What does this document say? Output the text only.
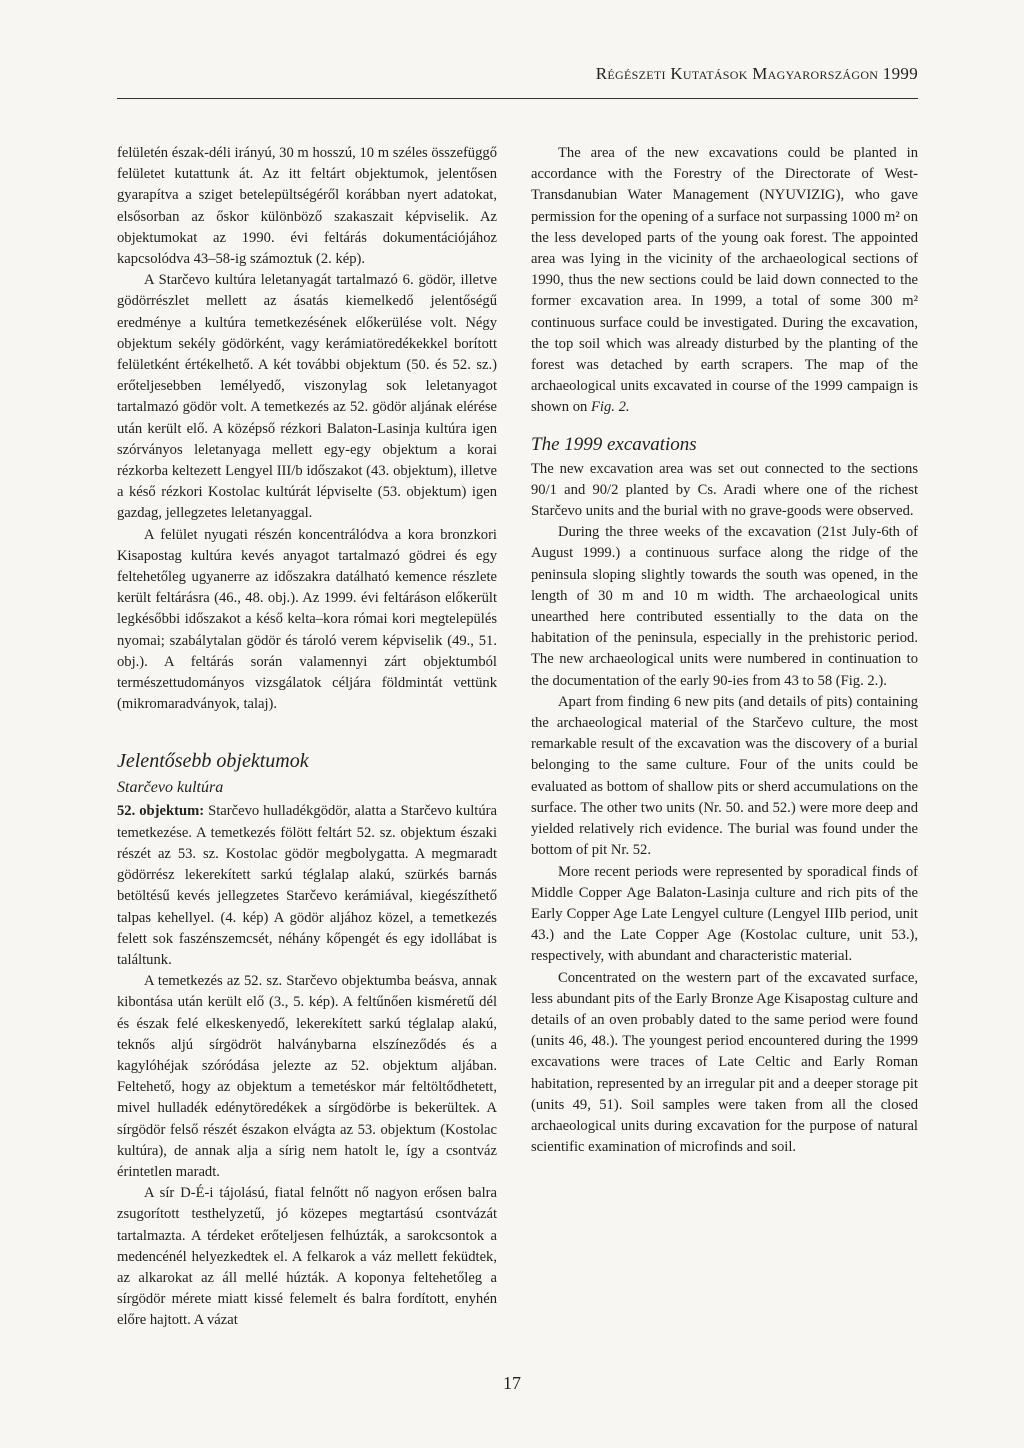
Régészeti Kutatások Magyarországon 1999

felületén észak-déli irányú, 30 m hosszú, 10 m széles összefüggő felületet kutattunk át. Az itt feltárt objektumok, jelentősen gyarapítva a sziget betelepültségéről korábban nyert adatokat, elsősorban az őskor különböző szakaszait képviselik. Az objektumokat az 1990. évi feltárás dokumentációjához kapcsolódva 43–58-ig számoztuk (2. kép).

A Starčevo kultúra leletanyagát tartalmazó 6. gödör, illetve gödörrészlet mellett az ásatás kiemelkedő jelentőségű eredménye a kultúra temetkezésének előkerülése volt. Négy objektum sekély gödörként, vagy kerámiatöredékekkel borított felületként értékelhető. A két további objektum (50. és 52. sz.) erőteljesebben lemélyedő, viszonylag sok leletanyagot tartalmazó gödör volt. A temetkezés az 52. gödör aljának elérése után került elő. A középső rézkori Balaton-Lasinja kultúra igen szórványos leletanyaga mellett egy-egy objektum a korai rézkorba keltezett Lengyel III/b időszakot (43. objektum), illetve a késő rézkori Kostolac kultúrát lépviselte (53. objektum) igen gazdag, jellegzetes leletanyaggal.

A felület nyugati részén koncentrálódva a kora bronzkori Kisapostag kultúra kevés anyagot tartalmazó gödrei és egy feltehetőleg ugyanerre az időszakra datálható kemence részlete került feltárásra (46., 48. obj.). Az 1999. évi feltáráson előkerült legkésőbbi időszakot a késő kelta–kora római kori megtelepülés nyomai; szabálytalan gödör és tároló verem képviselik (49., 51. obj.). A feltárás során valamennyi zárt objektumból természettudományos vizsgálatok céljára földmintát vettünk (mikromaradványok, talaj).

Jelentősebb objektumok
Starčevo kultúra

52. objektum: Starčevo hulladékgödör, alatta a Starčevo kultúra temetkezése. A temetkezés fölött feltárt 52. sz. objektum északi részét az 53. sz. Kostolac gödör megbolygatta. A megmaradt gödörrész lekerekített sarkú téglalap alakú, szürkés barnás betöltésű kevés jellegzetes Starčevo kerámiával, kiegészíthető talpas kehellyel. (4. kép) A gödör aljához közel, a temetkezés felett sok faszénszemcsét, néhány kőpengét és egy idollábat is találtunk.

A temetkezés az 52. sz. Starčevo objektumba beásva, annak kibontása után került elő (3., 5. kép). A feltűnően kisméretű dél és észak felé elkeskenyedő, lekerekített sarkú téglalap alakú, teknős aljú sírgödröt halványbarna elszíneződés és a kagylóhéjak szóródása jelezte az 52. objektum aljában. Feltehető, hogy az objektum a temetéskor már feltöltődhetett, mivel hulladék edénytöredékek a sírgödörbe is bekerültek. A sírgödör felső részét északon elvágta az 53. objektum (Kostolac kultúra), de annak alja a sírig nem hatolt le, így a csontváz érintetlen maradt.

A sír D-É-i tájolású, fiatal felnőtt nő nagyon erősen balra zsugorított testhelyzetű, jó közepes megtartású csontvázát tartalmazta. A térdeket erőteljesen felhúzták, a sarokcsontok a medencénél helyezkedtek el. A felkarok a váz mellett feküdtek, az alkarokat az áll mellé húzták. A koponya feltehetőleg a sírgödör mérete miatt kissé felemelt és balra fordított, enyhén előre hajtott. A vázat

The area of the new excavations could be planted in accordance with the Forestry of the Directorate of West-Transdanubian Water Management (NYUVIZIG), who gave permission for the opening of a surface not surpassing 1000 m² on the less developed parts of the young oak forest. The appointed area was lying in the vicinity of the archaeological sections of 1990, thus the new sections could be laid down connected to the former excavation area. In 1999, a total of some 300 m² continuous surface could be investigated. During the excavation, the top soil which was already disturbed by the planting of the forest was detached by earth scrapers. The map of the archaeological units excavated in course of the 1999 campaign is shown on Fig. 2.

The 1999 excavations

The new excavation area was set out connected to the sections 90/1 and 90/2 planted by Cs. Aradi where one of the richest Starčevo units and the burial with no grave-goods were observed.

During the three weeks of the excavation (21st July-6th of August 1999.) a continuous surface along the ridge of the peninsula sloping slightly towards the south was opened, in the length of 30 m and 10 m width. The archaeological units unearthed here contributed essentially to the data on the habitation of the peninsula, especially in the prehistoric period. The new archaeological units were numbered in continuation to the documentation of the early 90-ies from 43 to 58 (Fig. 2.).

Apart from finding 6 new pits (and details of pits) containing the archaeological material of the Starčevo culture, the most remarkable result of the excavation was the discovery of a burial belonging to the same culture. Four of the units could be evaluated as bottom of shallow pits or sherd accumulations on the surface. The other two units (Nr. 50. and 52.) were more deep and yielded relatively rich evidence. The burial was found under the bottom of pit Nr. 52.

More recent periods were represented by sporadical finds of Middle Copper Age Balaton-Lasinja culture and rich pits of the Early Copper Age Late Lengyel culture (Lengyel IIIb period, unit 43.) and the Late Copper Age (Kostolac culture, unit 53.), respectively, with abundant and characteristic material.

Concentrated on the western part of the excavated surface, less abundant pits of the Early Bronze Age Kisapostag culture and details of an oven probably dated to the same period were found (units 46, 48.). The youngest period encountered during the 1999 excavations were traces of Late Celtic and Early Roman habitation, represented by an irregular pit and a deeper storage pit (units 49, 51). Soil samples were taken from all the closed archaeological units during excavation for the purpose of natural scientific examination of microfinds and soil.

17
